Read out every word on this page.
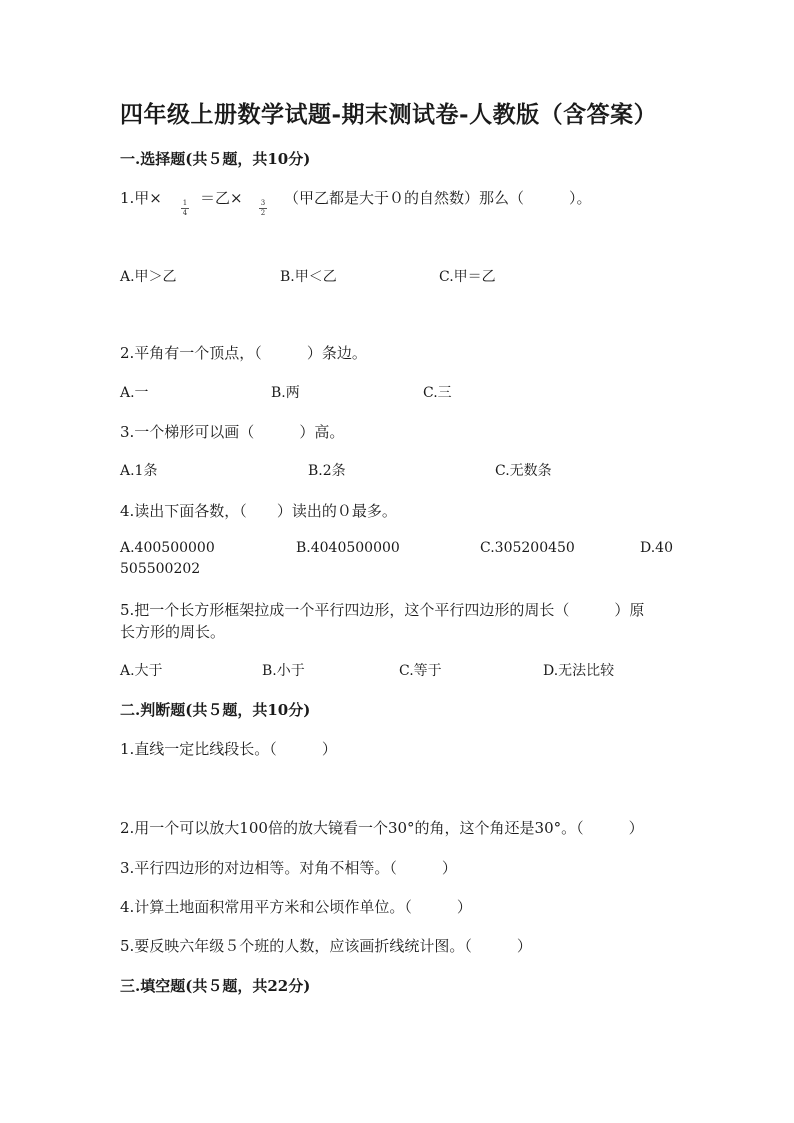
四年级上册数学试题-期末测试卷-人教版（含答案）
一.选择题(共５题，共10分)
1.甲×	1
4
＝乙×	3
2
（甲乙都是大于０的自然数）那么（　　　）。
A.甲＞乙	B.甲＜乙	C.甲＝乙
2.平角有一个顶点，（　　　）条边。
A.一	B.两	C.三
3.一个梯形可以画（　　　）高。
A.1条	B.2条	C.无数条
4.读出下面各数，（　　）读出的０最多。
A.400500000	B.4040500000	C.305200450	D.40
505500202
5.把一个长方形框架拉成一个平行四边形，这个平行四边形的周长（　　　）原
长方形的周长。
A.大于	B.小于	C.等于	D.无法比较
二.判断题(共５题，共10分)
1.直线一定比线段长。（　　　）
2.用一个可以放大100倍的放大镜看一个30°的角，这个角还是30°。（　　　）
3.平行四边形的对边相等。对角不相等。（　　　）
4.计算土地面积常用平方米和公顷作单位。（　　　）
5.要反映六年级５个班的人数，应该画折线统计图。（　　　）
三.填空题(共５题，共22分)
